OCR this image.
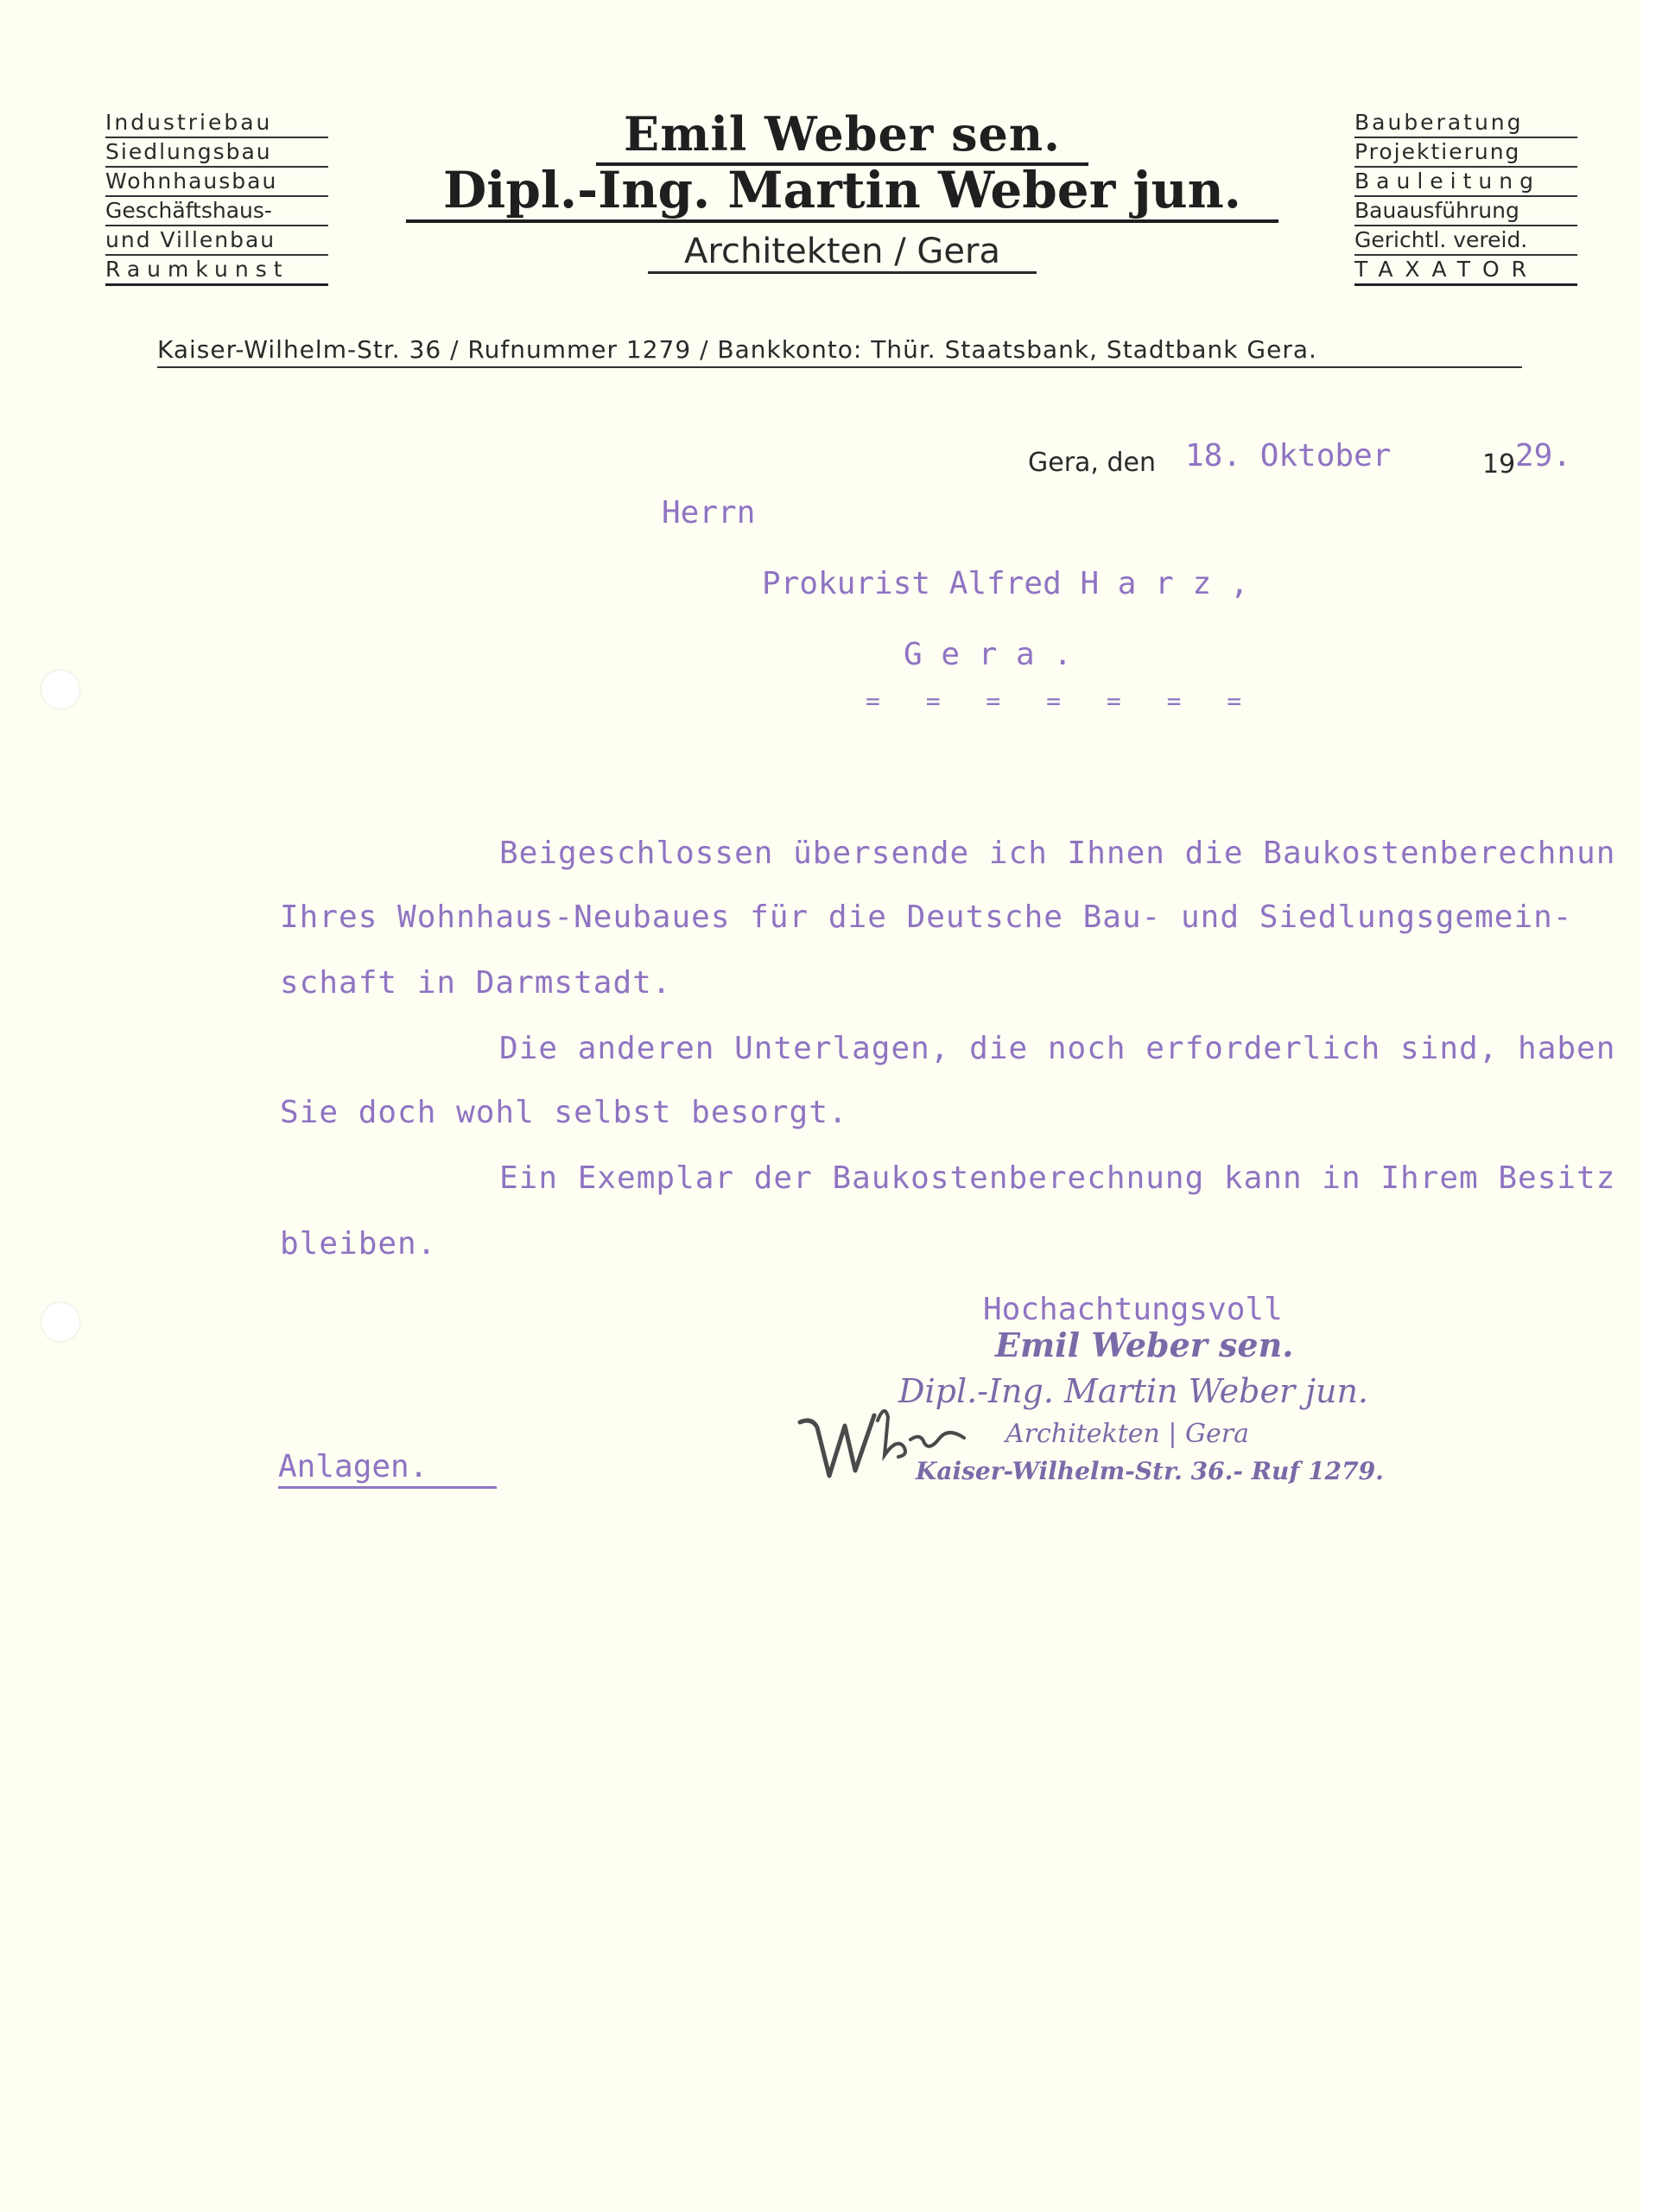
Industriebau
Siedlungsbau
Wohnhausbau
Geschäftshaus-
und Villenbau
Raumkunst
Emil Weber sen.
Dipl.-Ing. Martin Weber jun.
Architekten / Gera
Bauberatung
Projektierung
Bauleitung
Bauausführung
Gerichtl. vereid.
TAXATOR
Kaiser-Wilhelm-Str. 36 / Rufnummer 1279 / Bankkonto: Thür. Staatsbank, Stadtbank Gera.
Gera, den 18. Oktober	19 29.
Herrn
Prokurist Alfred H a r z ,
G e r a .
= = = = = = =
Beigeschlossen übersende ich Ihnen die Baukostenberechnun
Ihres Wohnhaus-Neubaues für die Deutsche Bau- und Siedlungsgemein-
schaft in Darmstadt.
Die anderen Unterlagen, die noch erforderlich sind, haben
Sie doch wohl selbst besorgt.
Ein Exemplar der Baukostenberechnung kann in Ihrem Besitz
bleiben.
Hochachtungsvoll
Emil Weber sen.
Dipl.-Ing. Martin Weber jun.
Architekten | Gera
Kaiser-Wilhelm-Str. 36.- Ruf 1279.
Anlagen.
